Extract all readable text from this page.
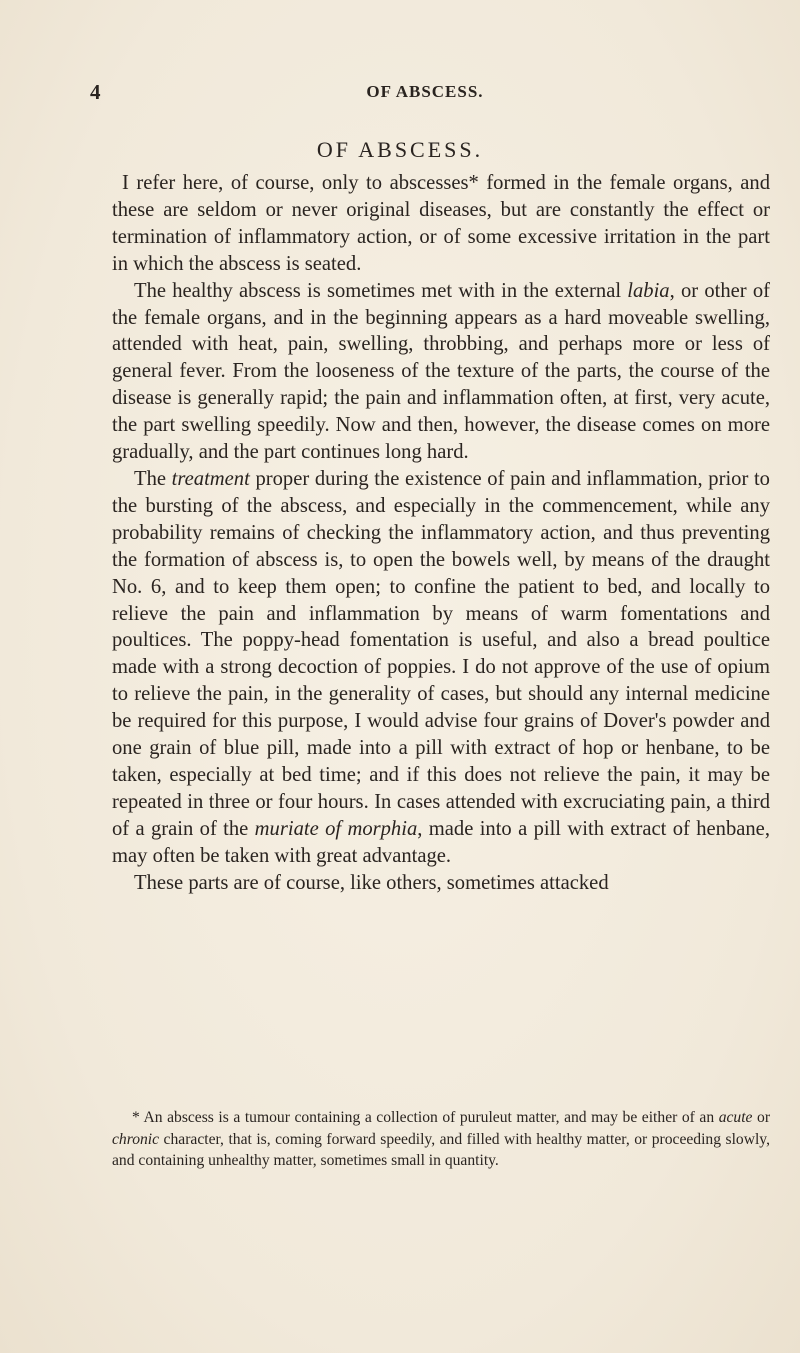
4	OF ABSCESS.
OF ABSCESS.

I refer here, of course, only to abscesses* formed in the female organs, and these are seldom or never original diseases, but are constantly the effect or termination of inflammatory action, or of some excessive irritation in the part in which the abscess is seated.

The healthy abscess is sometimes met with in the external labia, or other of the female organs, and in the beginning appears as a hard moveable swelling, attended with heat, pain, swelling, throbbing, and perhaps more or less of general fever. From the looseness of the texture of the parts, the course of the disease is generally rapid; the pain and inflammation often, at first, very acute, the part swelling speedily. Now and then, however, the disease comes on more gradually, and the part continues long hard.

The treatment proper during the existence of pain and inflammation, prior to the bursting of the abscess, and especially in the commencement, while any probability remains of checking the inflammatory action, and thus preventing the formation of abscess is, to open the bowels well, by means of the draught No. 6, and to keep them open; to confine the patient to bed, and locally to relieve the pain and inflammation by means of warm fomentations and poultices. The poppy-head fomentation is useful, and also a bread poultice made with a strong decoction of poppies. I do not approve of the use of opium to relieve the pain, in the generality of cases, but should any internal medicine be required for this purpose, I would advise four grains of Dover's powder and one grain of blue pill, made into a pill with extract of hop or henbane, to be taken, especially at bed time; and if this does not relieve the pain, it may be repeated in three or four hours. In cases attended with excruciating pain, a third of a grain of the muriate of morphia, made into a pill with extract of henbane, may often be taken with great advantage.

These parts are of course, like others, sometimes attacked

* An abscess is a tumour containing a collection of puruleut matter, and may be either of an acute or chronic character, that is, coming forward speedily, and filled with healthy matter, or proceeding slowly, and containing unhealthy matter, sometimes small in quantity.
